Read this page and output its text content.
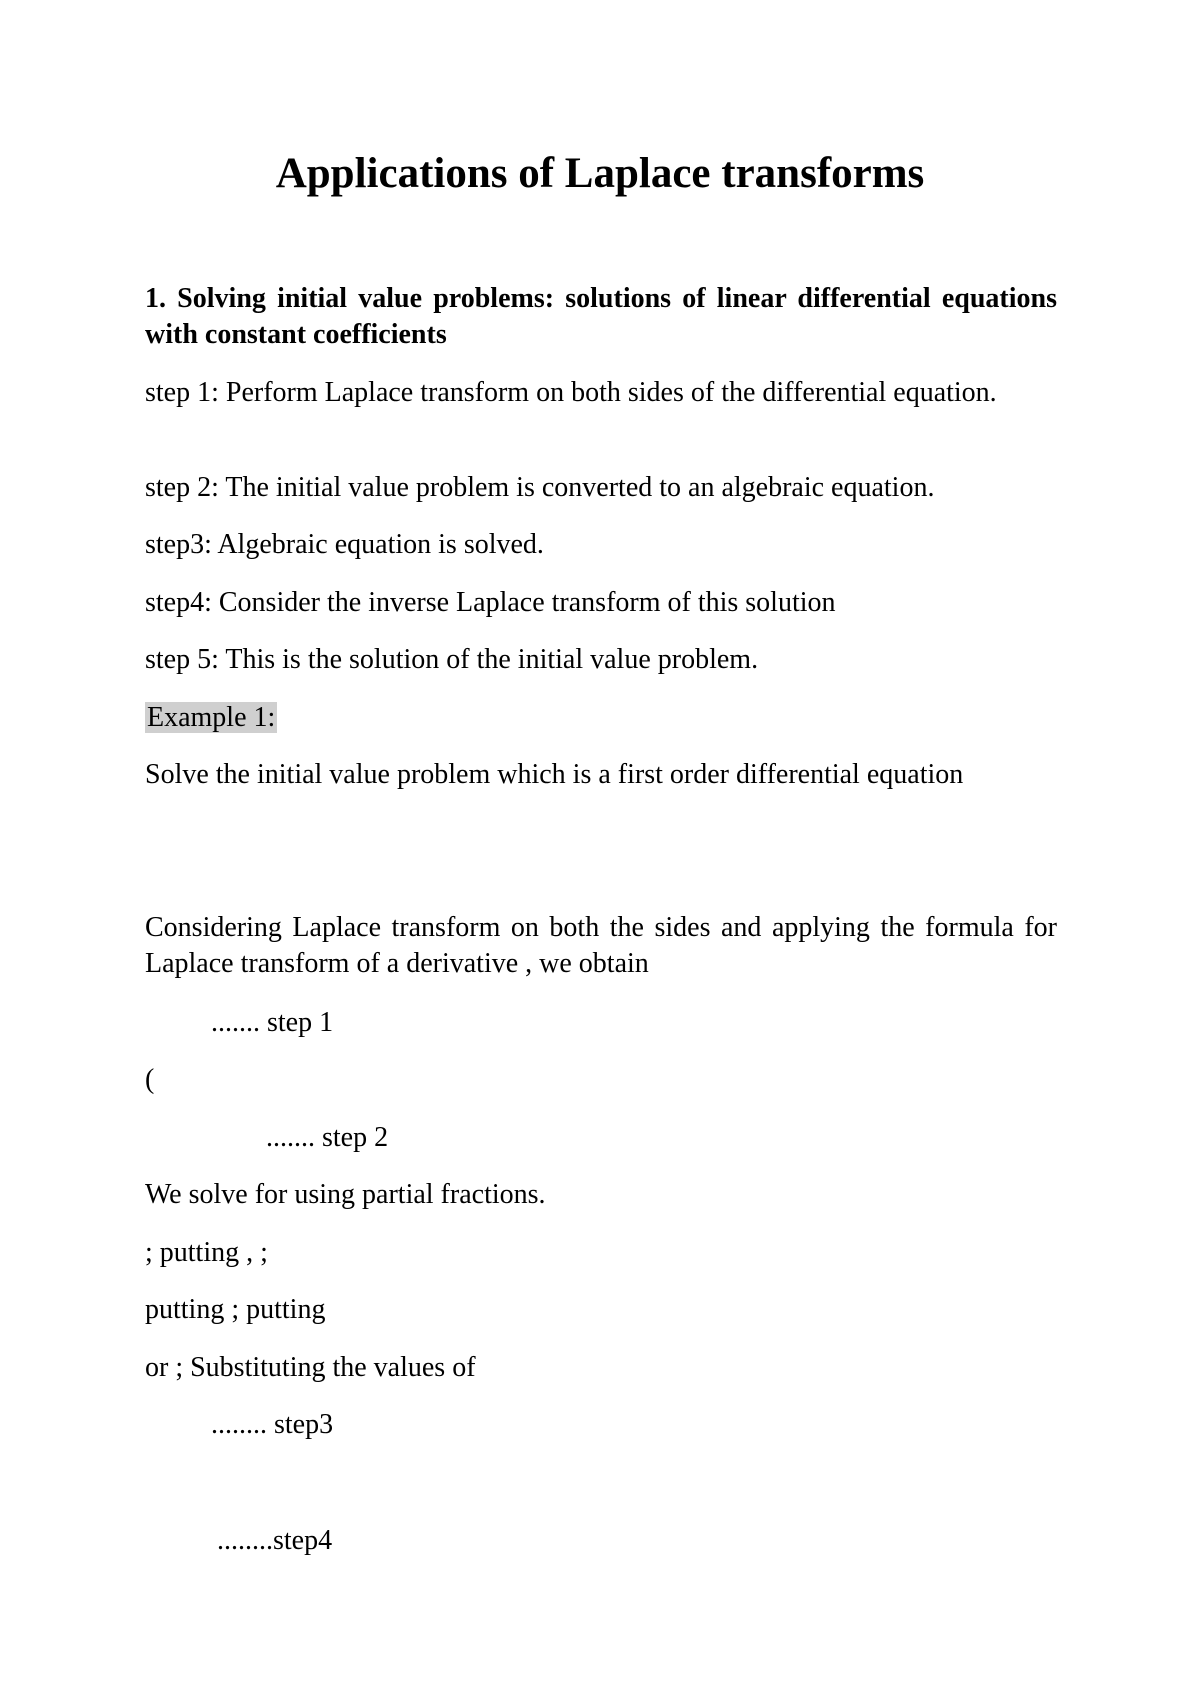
Applications of Laplace transforms
1. Solving initial value problems: solutions of linear differential equations with constant coefficients
step 1: Perform Laplace transform on both sides of the differential equation.
step 2: The initial value problem is converted to an algebraic equation.
step3: Algebraic equation is solved.
step4: Consider the inverse Laplace transform of this solution
step 5: This is the solution of the initial value problem.
Example 1:
Solve the initial value problem which is a first order differential equation
Considering Laplace transform on both the sides and applying the formula for Laplace transform of a derivative , we obtain
....... step 1
(
....... step 2
We solve for using partial fractions.
; putting , ;
putting ; putting
or ; Substituting the values of
........ step3
........step4
